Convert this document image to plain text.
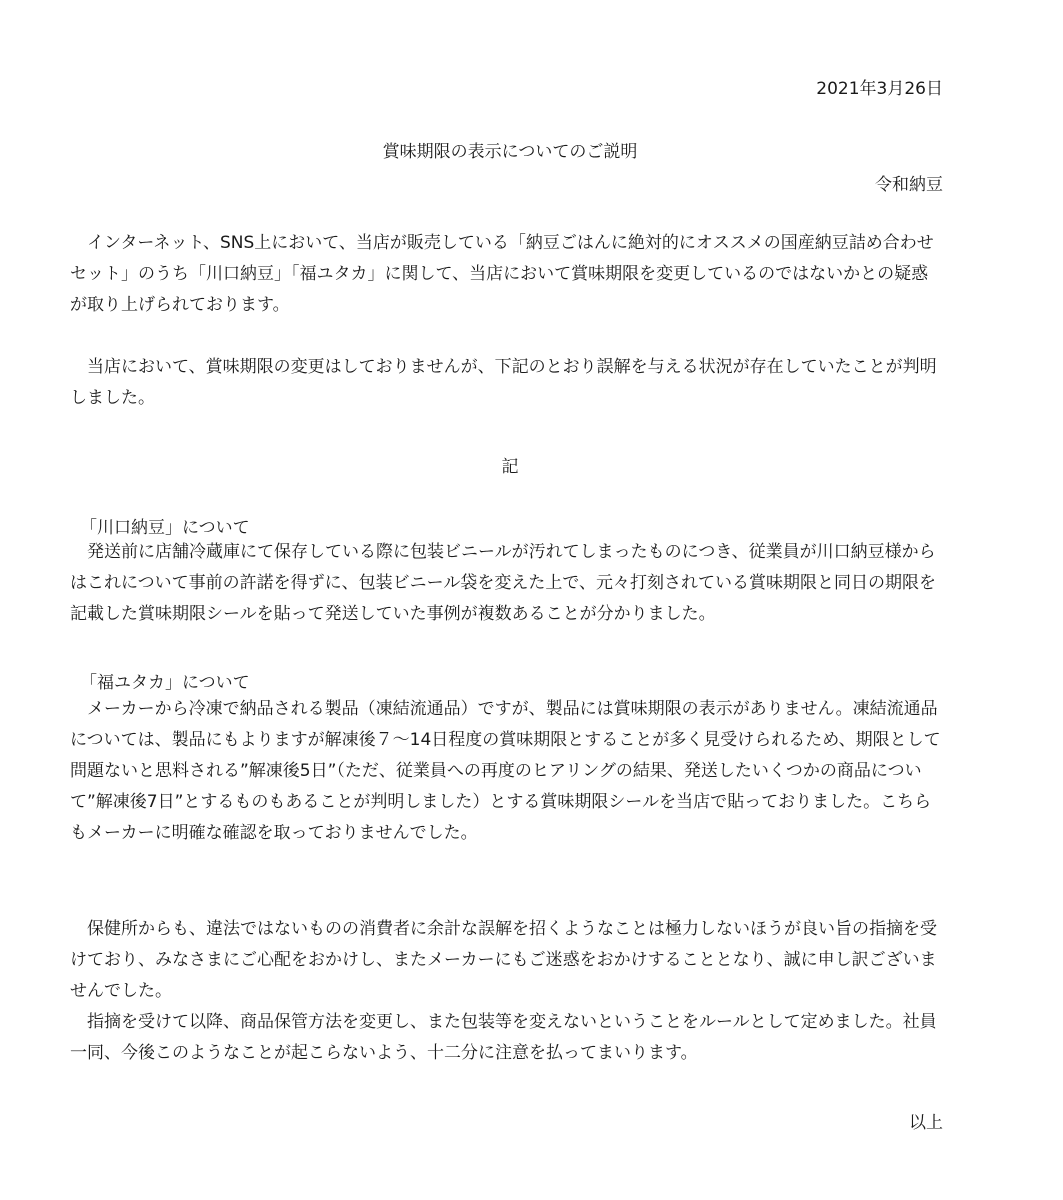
2021年3月26日
賞味期限の表示についてのご説明
令和納豆

　インターネット、SNS上において、当店が販売している「納豆ごはんに絶対的にオススメの国産納豆詰め合わせ
セット」のうち「川口納豆」「福ユタカ」に関して、当店において賞味期限を変更しているのではないかとの疑惑
が取り上げられております。

　当店において、賞味期限の変更はしておりませんが、下記のとおり誤解を与える状況が存在していたことが判明
しました。

記
「川口納豆」について

　発送前に店舗冷蔵庫にて保存している際に包装ビニールが汚れてしまったものにつき、従業員が川口納豆様から
はこれについて事前の許諾を得ずに、包装ビニール袋を変えた上で、元々打刻されている賞味期限と同日の期限を
記載した賞味期限シールを貼って発送していた事例が複数あることが分かりました。

「福ユタカ」について

　メーカーから冷凍で納品される製品（凍結流通品）ですが、製品には賞味期限の表示がありません。凍結流通品
については、製品にもよりますが解凍後７～14日程度の賞味期限とすることが多く見受けられるため、期限として
問題ないと思料される”解凍後5日”（ただ、従業員への再度のヒアリングの結果、発送したいくつかの商品につい
て”解凍後7日”とするものもあることが判明しました）とする賞味期限シールを当店で貼っておりました。こちら
もメーカーに明確な確認を取っておりませんでした。

　保健所からも、違法ではないものの消費者に余計な誤解を招くようなことは極力しないほうが良い旨の指摘を受
けており、みなさまにご心配をおかけし、またメーカーにもご迷惑をおかけすることとなり、誠に申し訳ございま
せんでした。
　指摘を受けて以降、商品保管方法を変更し、また包装等を変えないということをルールとして定めました。社員
一同、今後このようなことが起こらないよう、十二分に注意を払ってまいります。

以上
